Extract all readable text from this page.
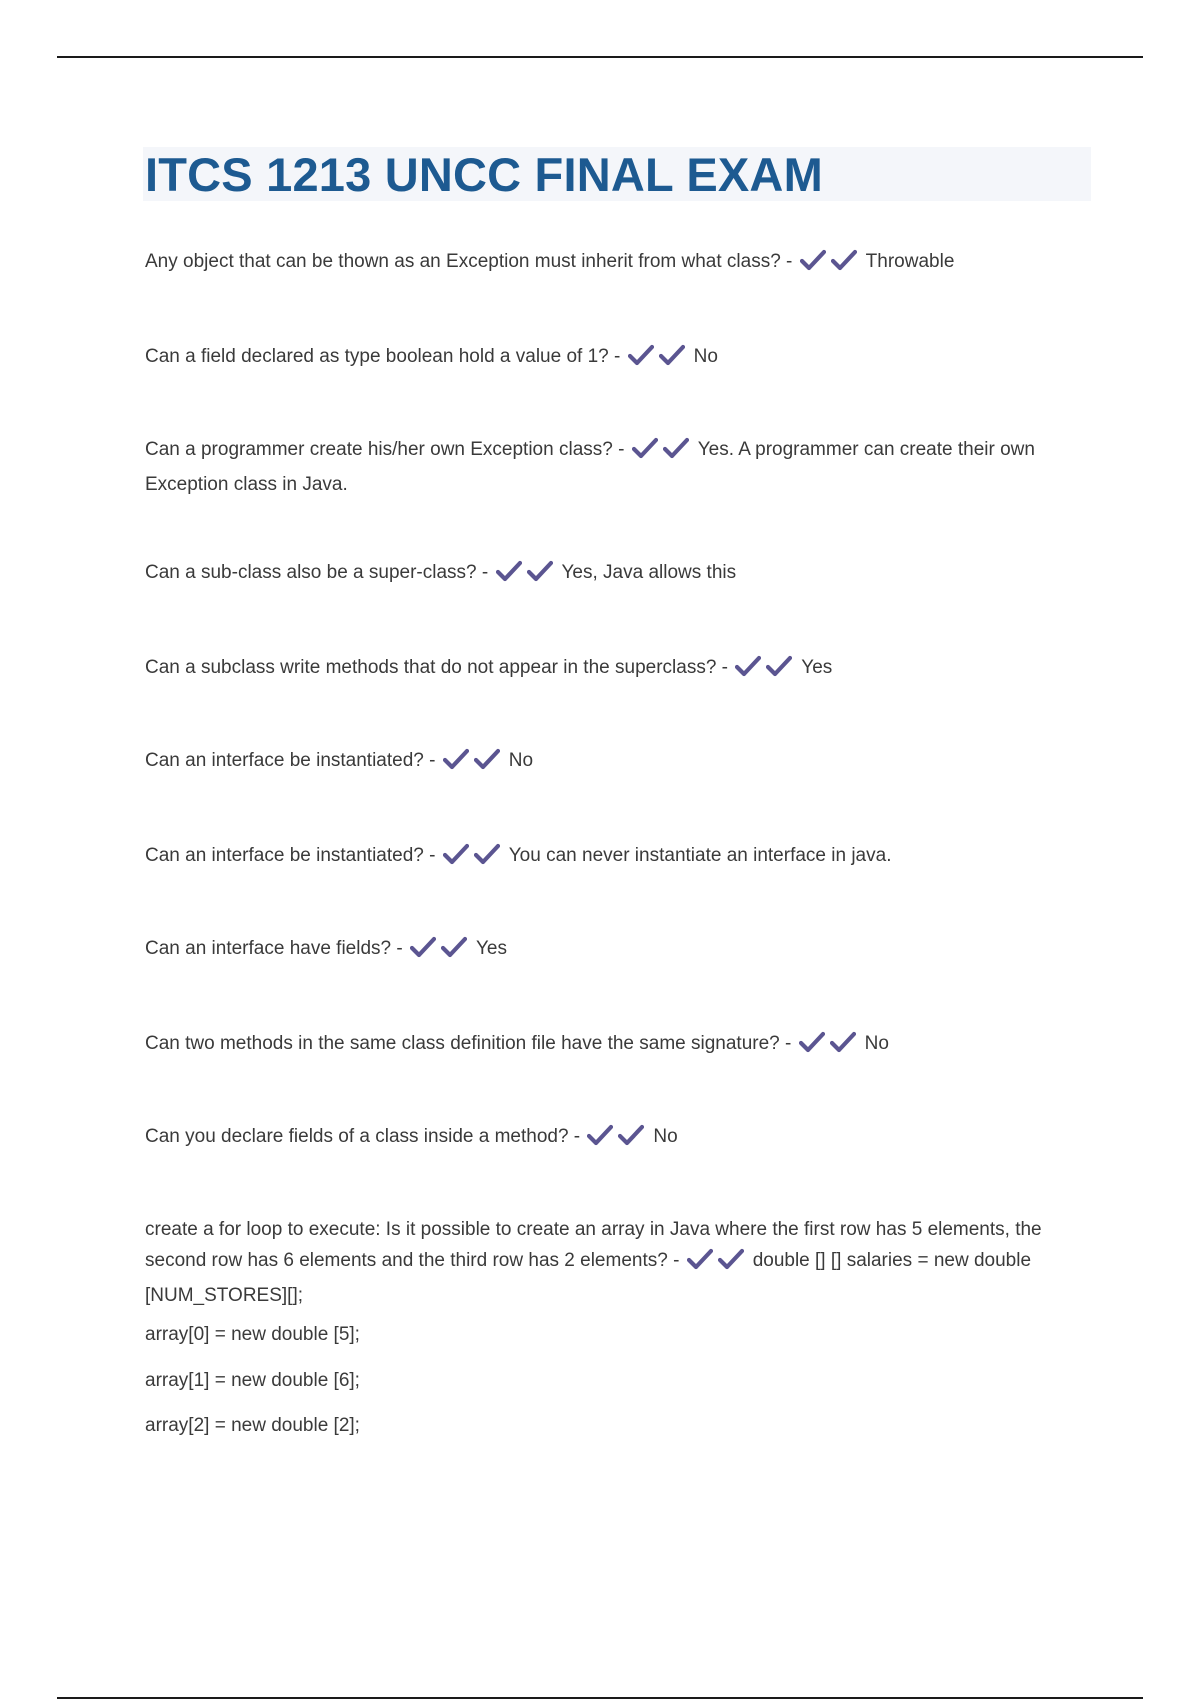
ITCS 1213 UNCC FINAL EXAM

Any object that can be thown as an Exception must inherit from what class? -	Throwable

Can a field declared as type boolean hold a value of 1? -	No

Can a programmer create his/her own Exception class? -	Yes. A programmer can create their own Exception class in Java.

Can a sub-class also be a super-class? -	Yes, Java allows this

Can a subclass write methods that do not appear in the superclass? -	Yes

Can an interface be instantiated? -	No

Can an interface be instantiated? -	You can never instantiate an interface in java.

Can an interface have fields? -	Yes

Can two methods in the same class definition file have the same signature? -	No

Can you declare fields of a class inside a method? -	No

create a for loop to execute: Is it possible to create an array in Java where the first row has 5 elements, the second row has 6 elements and the third row has 2 elements? -	double [] [] salaries = new double [NUM_STORES][];

array[0] = new double [5];

array[1] = new double [6];

array[2] = new double [2];
